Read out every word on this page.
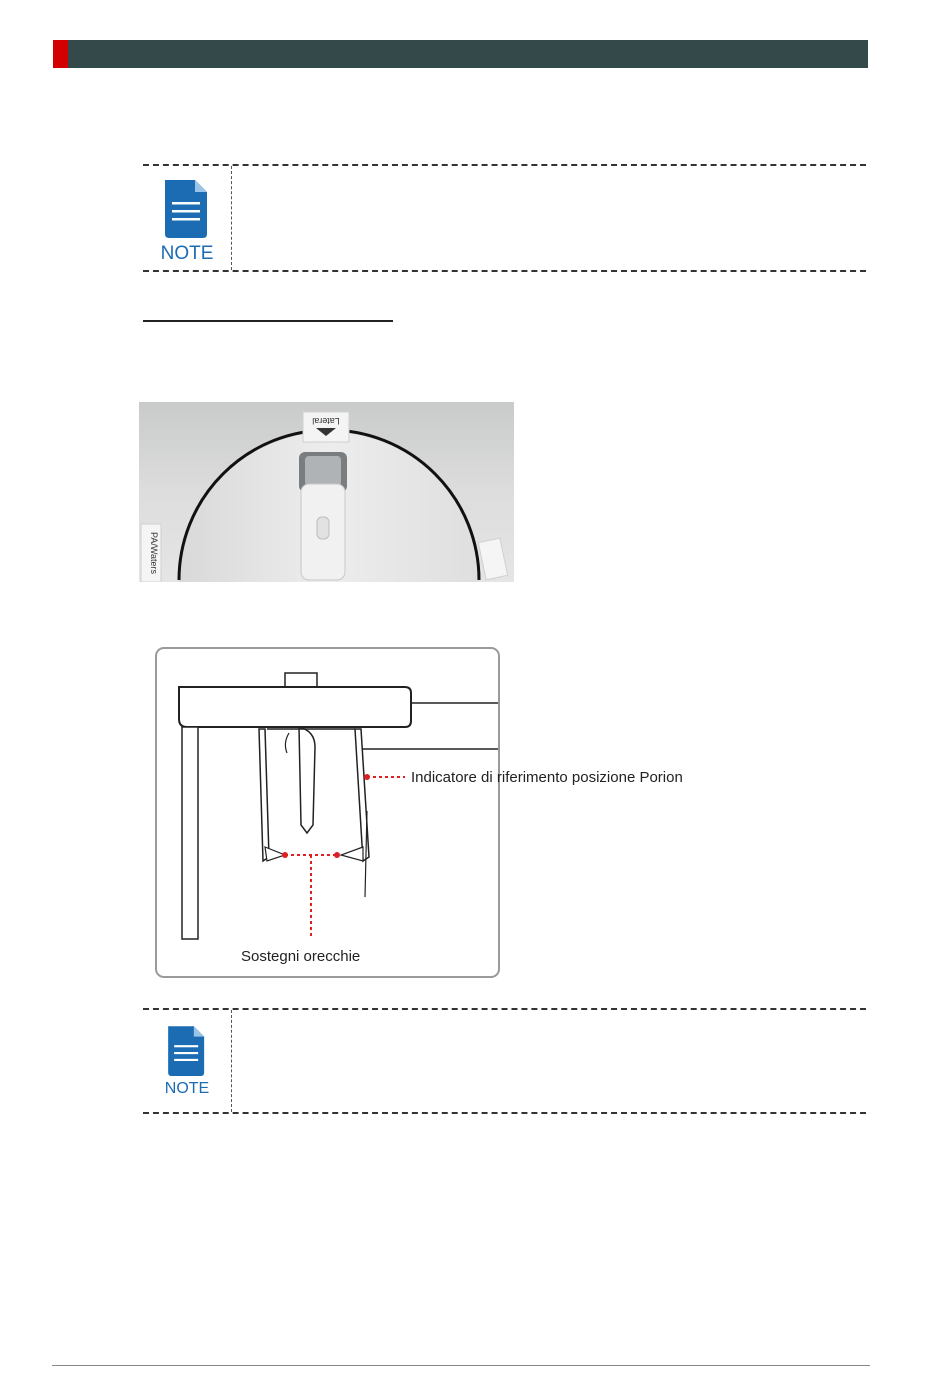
NOTE
Lateral
PA/Waters
Indicatore di riferimento posizione Porion
Sostegni orecchie
NOTE
